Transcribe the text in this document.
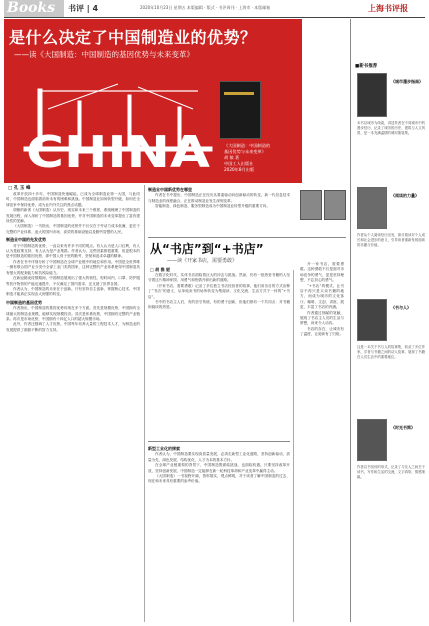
Books	书评 | 4	2020年10月23日 星期五 本版编辑 · 版式 · 书评周刊 · 上海市 · 本版邮箱	上海书评报
是什么决定了中国制造业的优势？
——读《大国制造：中国制造的基因优势与未来变革》
CHINA	《大国制造：中国制造的
基因优势与未来变革》
胡 敏 著
中国工人出版社
2020年8月出版
□ 孔 玉 峰

改革开放四十多年，中国制造快速崛起，已成为全球制造业第一大国，与此同时，中国制造也面临着前所未有的困难和挑战。中国制造业如何转型升级，如何在全球竞争中保持优势，成为业内外关注的焦点话题。

胡敏的新著《大国制造》从历史、现实和未来三个维度，系统梳理了中国制造的发展历程，深入剖析了中国制造的基因优势，并对中国制造的未来变革提出了富有建设性的见解。

《大国制造》一书指出，中国制造的优势并不仅仅在于劳动力成本低廉，更在于完整的产业体系、庞大的国内市场、高效的基础设施以及勤劳智慧的人民。

制造业中国的先发优势

对于中国制造的优势，一直以来有许多不同的观点。有人认为是人口红利，有人认为是政策支持，有人认为是产业集群。作者认为，这些因素都很重要，但更根本的是中国制造的基因优势，即中国人骨子里的勤劳、坚韧和追求卓越的精神。

作者在书中详细分析了中国制造在全球产业链中的地位和作用。中国是全世界唯一拥有联合国产业分类中全部工业门类的国家，这种完整的产业体系使得中国制造具有强大的配套能力和抗风险能力。

在新冠肺炎疫情期间，中国制造展现出了强大的韧性。短时间内，口罩、防护服等医疗物资的产能迅速提升，不仅满足了国内需求，还支援了世界各国。

作者认为，中国制造的未来在于创新。只有坚持自主创新，掌握核心技术，中国制造才能真正实现由大到强的转变。

中国制造的基因优势

作者指出，中国制造的基因优势体现在多个方面。首先是规模优势，中国拥有全球最大的制造业规模，能够实现规模经济。其次是体系优势，中国拥有完整的产业链条。再次是市场优势，中国拥有十四亿人口的超大规模市场。

此外，作者还强调了人才优势。中国每年培养大量的工程技术人才，为制造业的发展提供了源源不断的智力支持。

制造业中国新优势在哪里

作者在书中提出，中国制造正在经历从要素驱动向创新驱动的转变，新一代信息技术与制造业的深度融合，正在推动制造业发生深刻变革。

智能制造、绿色制造、服务型制造成为中国制造业转型升级的重要方向。

从“书店”到“+书店”
——读《开家书店，需要勇敢》
□ 胡 雅 妮

在数字化时代，实体书店面临着巨大的冲击与挑战。然而，仍有一批热爱书籍的人坚守着这片精神家园，用勇气和热情开辟出新的道路。

《开家书店，需要勇敢》记录了多位独立书店经营者的故事，他们用各自的方式诠释了“书店”的意义，从单纯卖书的场所转变为集阅读、文化交流、生活方式于一体的“+书店”。

书中的书店主人们，有的坚守传统，有的勇于创新，但他们都有一个共同点：对书籍和阅读的热爱。

新型工业化的探索

作者认为，中国制造要实现高质量发展，必须走新型工业化道路，坚持创新驱动、质量为先、绿色发展、结构优化、人才为本的基本方针。

在全球产业链重构的背景下，中国制造既面临挑战，也面临机遇。只要坚持改革开放，坚持创新发展，中国制造一定能够在新一轮科技革命和产业变革中赢得主动。

《大国制造》一书视野开阔，资料翔实，观点鲜明，对于读者了解中国制造的过去、现在和未来具有重要的参考价值。

开一家书店，需要勇敢。这种勇敢不仅是面对市场竞争的勇气，更是坚持理想、不忘初心的勇气。

“+书店”的模式，让书店不再只是买卖书籍的地方，而成为城市的文化客厅。咖啡、文创、讲座、展览，丰富了书店的内涵。

作者通过细腻的笔触，展现了书店主人们的生活与梦想，读来令人动容。

书店的存在，让城市有了温度，让阅读有了归宿。

■新书推荐
《城市漫步指南》
本书以城市为线索，讲述作者在不同城市中的漫步经历，记录了城市的历史、建筑与人文风景，是一本充满温情的城市随笔集。
《阅读的力量》
作者从个人阅读经历出发，探讨阅读对个人成长和社会进步的意义，引导读者重新发现阅读的乐趣与价值。
《书与人》
这是一本关于书与人的故事集，收录了多位作家、学者与书籍之间的动人故事，展现了书籍在人们生活中的重要地位。
《时光书简》
作者以书信体的形式，记录了与友人之间关于读书、写作和生活的交流，文字真挚，情感细腻。
